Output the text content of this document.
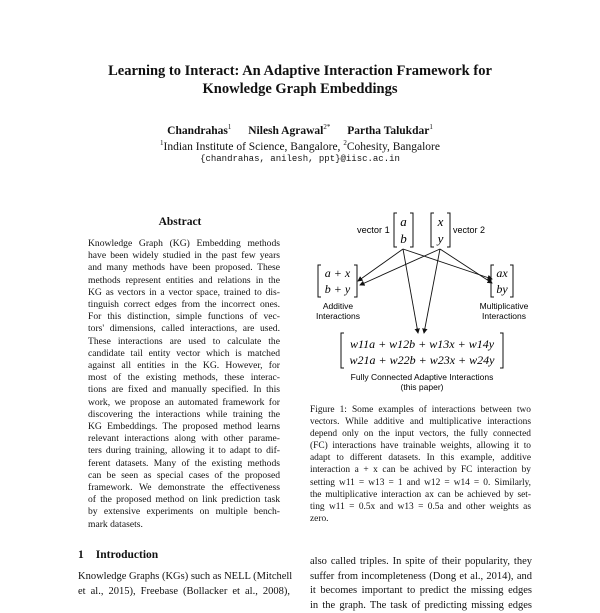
Learning to Interact: An Adaptive Interaction Framework for
Knowledge Graph Embeddings
Chandrahas$^1$ Nilesh Agrawal$^{2*}$ Partha Talukdar$^1$
$^1$Indian Institute of Science, Bangalore, $^2$Cohesity, Bangalore
{chandrahas, anilesh, ppt}@iisc.ac.in
Abstract
Knowledge Graph (KG) Embedding methods
have been widely studied in the past few years
and many methods have been proposed. These
methods represent entities and relations in the
KG as vectors in a vector space, trained to dis-
tinguish correct edges from the incorrect ones.
For this distinction, simple functions of vec-
tors' dimensions, called interactions, are used.
These interactions are used to calculate the
candidate tail entity vector which is matched
against all entities in the KG. However, for
most of the existing methods, these interac-
tions are fixed and manually specified. In this
work, we propose an automated framework for
discovering the interactions while training the
KG Embeddings. The proposed method learns
relevant interactions along with other parame-
ters during training, allowing it to adapt to dif-
ferent datasets. Many of the existing methods
can be seen as special cases of the proposed
framework. We demonstrate the effectiveness
of the proposed method on link prediction task
by extensive experiments on multiple bench-
mark datasets.
1 Introduction
Knowledge Graphs (KGs) such as NELL (Mitchell
et al., 2015), Freebase (Bollacker et al., 2008),
vector 1
a
b
x
y
vector 2
a + x
b + y
Additive
Interactions
ax
by
Multiplicative
Interactions
w11a + w12b + w13x + w14y
w21a + w22b + w23x + w24y
Fully Connected Adaptive Interactions
(this paper)
Figure 1: Some examples of interactions between two
vectors. While additive and multiplicative interactions
depend only on the input vectors, the fully connected
(FC) interactions have trainable weights, allowing it to
adapt to different datasets. In this example, additive
interaction a + x can be achived by FC interaction by
setting w11 = w13 = 1 and w12 = w14 = 0. Similarly,
the multiplicative interaction ax can be achieved by set-
ting w11 = 0.5x and w13 = 0.5a and other weights as
zero.
also called triples. In spite of their popularity, they
suffer from incompleteness (Dong et al., 2014), and
it becomes important to predict the missing edges
in the graph. The task of predicting missing edges
